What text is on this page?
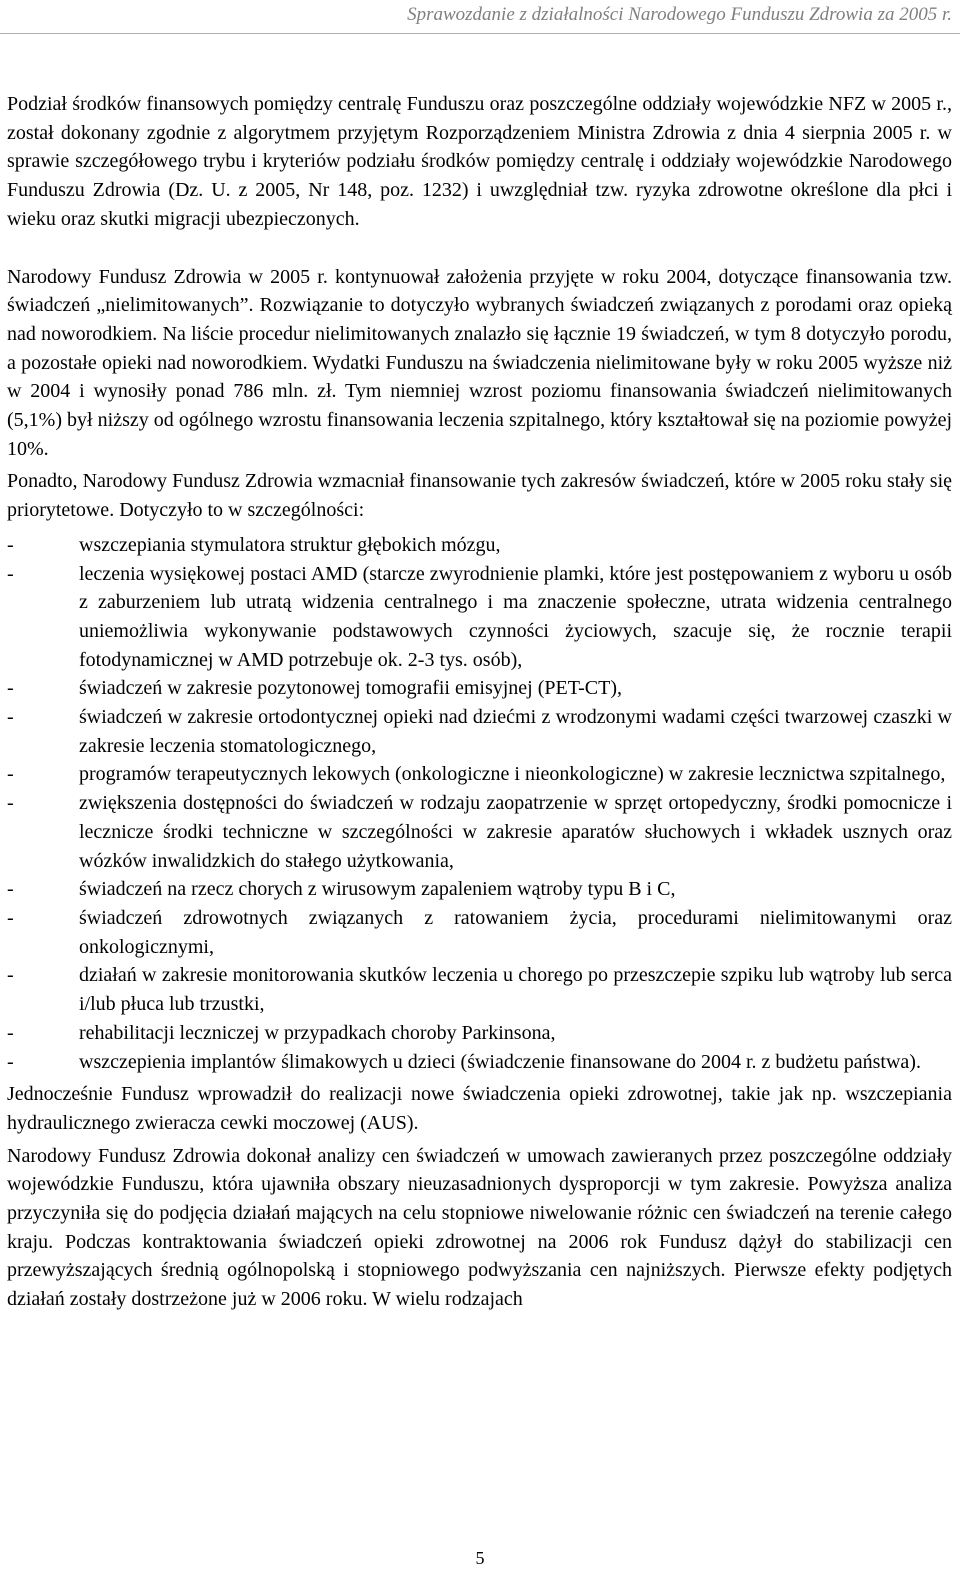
Sprawozdanie z działalności Narodowego Funduszu Zdrowia za 2005 r.

Podział środków finansowych pomiędzy centralę Funduszu oraz poszczególne oddziały wojewódzkie NFZ w 2005 r., został dokonany zgodnie z algorytmem przyjętym Rozporządzeniem Ministra Zdrowia z dnia 4 sierpnia 2005 r. w sprawie szczegółowego trybu i kryteriów podziału środków pomiędzy centralę i oddziały wojewódzkie Narodowego Funduszu Zdrowia (Dz. U. z 2005, Nr 148, poz. 1232) i uwzględniał tzw. ryzyka zdrowotne określone dla płci i wieku oraz skutki migracji ubezpieczonych.

Narodowy Fundusz Zdrowia w 2005 r. kontynuował założenia przyjęte w roku 2004, dotyczące finansowania tzw. świadczeń „nielimitowanych”. Rozwiązanie to dotyczyło wybranych świadczeń związanych z porodami oraz opieką nad noworodkiem. Na liście procedur nielimitowanych znalazło się łącznie 19 świadczeń, w tym 8 dotyczyło porodu, a pozostałe opieki nad noworodkiem. Wydatki Funduszu na świadczenia nielimitowane były w roku 2005 wyższe niż w 2004 i wynosiły ponad 786 mln. zł. Tym niemniej wzrost poziomu finansowania świadczeń nielimitowanych (5,1%) był niższy od ogólnego wzrostu finansowania leczenia szpitalnego, który kształtował się na poziomie powyżej 10%.

Ponadto, Narodowy Fundusz Zdrowia wzmacniał finansowanie tych zakresów świadczeń, które w 2005 roku stały się priorytetowe. Dotyczyło to w szczególności:

-	wszczepiania stymulatora struktur głębokich mózgu,
-	leczenia wysiękowej postaci AMD (starcze zwyrodnienie plamki, które jest postępowaniem z wyboru u osób z zaburzeniem lub utratą widzenia centralnego i ma znaczenie społeczne, utrata widzenia centralnego uniemożliwia wykonywanie podstawowych czynności życiowych, szacuje się, że rocznie terapii fotodynamicznej w AMD potrzebuje ok. 2-3 tys. osób),
-	świadczeń w zakresie pozytonowej tomografii emisyjnej (PET-CT),
-	świadczeń w zakresie ortodontycznej opieki nad dziećmi z wrodzonymi wadami części twarzowej czaszki w zakresie leczenia stomatologicznego,
-	programów terapeutycznych lekowych (onkologiczne i nieonkologiczne) w zakresie lecznictwa szpitalnego,
-	zwiększenia dostępności do świadczeń w rodzaju zaopatrzenie w sprzęt ortopedyczny, środki pomocnicze i lecznicze środki techniczne w szczególności w zakresie aparatów słuchowych i wkładek usznych oraz wózków inwalidzkich do stałego użytkowania,
-	świadczeń na rzecz chorych z wirusowym zapaleniem wątroby typu B i C,
-	świadczeń zdrowotnych związanych z ratowaniem życia, procedurami nielimitowanymi oraz onkologicznymi,
-	działań w zakresie monitorowania skutków leczenia u chorego po przeszczepie szpiku lub wątroby lub serca i/lub płuca lub trzustki,
-	rehabilitacji leczniczej w przypadkach choroby Parkinsona,
-	wszczepienia implantów ślimakowych u dzieci (świadczenie finansowane do 2004 r. z budżetu państwa).

Jednocześnie Fundusz wprowadził do realizacji nowe świadczenia opieki zdrowotnej, takie jak np. wszczepiania hydraulicznego zwieracza cewki moczowej (AUS).

Narodowy Fundusz Zdrowia dokonał analizy cen świadczeń w umowach zawieranych przez poszczególne oddziały wojewódzkie Funduszu, która ujawniła obszary nieuzasadnionych dysproporcji w tym zakresie. Powyższa analiza przyczyniła się do podjęcia działań mających na celu stopniowe niwelowanie różnic cen świadczeń na terenie całego kraju. Podczas kontraktowania świadczeń opieki zdrowotnej na 2006 rok Fundusz dążył do stabilizacji cen przewyższających średnią ogólnopolską i stopniowego podwyższania cen najniższych. Pierwsze efekty podjętych działań zostały dostrzeżone już w 2006 roku. W wielu rodzajach

5
